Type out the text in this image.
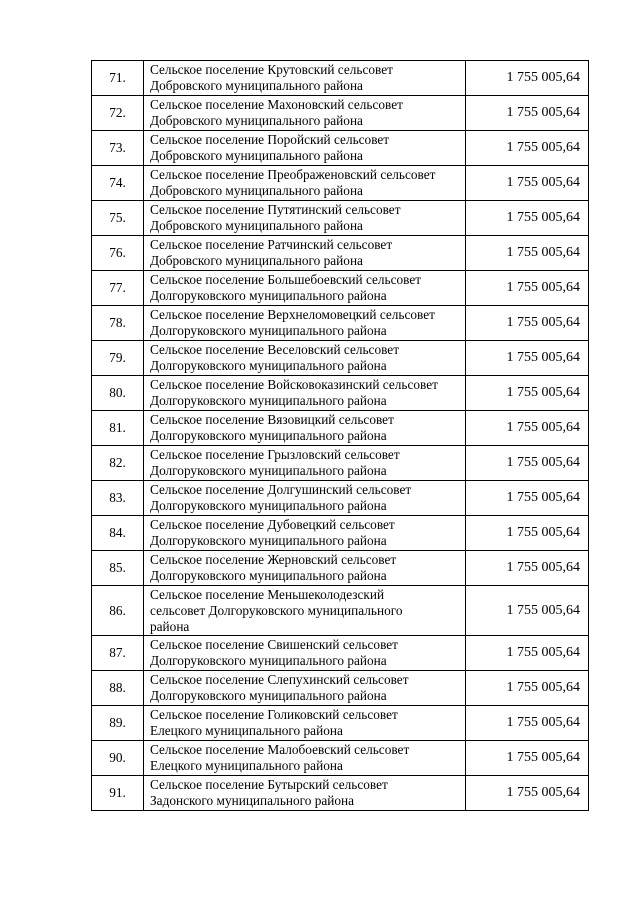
71.	Сельское поселение Крутовский сельсовет
Добровского муниципального района	1 755 005,64
72.	Сельское поселение Махоновский сельсовет
Добровского муниципального района	1 755 005,64
73.	Сельское поселение Поройский сельсовет
Добровского муниципального района	1 755 005,64
74.	Сельское поселение Преображеновский сельсовет
Добровского муниципального района	1 755 005,64
75.	Сельское поселение Путятинский сельсовет
Добровского муниципального района	1 755 005,64
76.	Сельское поселение Ратчинский сельсовет
Добровского муниципального района	1 755 005,64
77.	Сельское поселение Большебоевский сельсовет
Долгоруковского муниципального района	1 755 005,64
78.	Сельское поселение Верхнеломовецкий сельсовет
Долгоруковского муниципального района	1 755 005,64
79.	Сельское поселение Веселовский сельсовет
Долгоруковского муниципального района	1 755 005,64
80.	Сельское поселение Войсковоказинский сельсовет
Долгоруковского муниципального района	1 755 005,64
81.	Сельское поселение Вязовицкий сельсовет
Долгоруковского муниципального района	1 755 005,64
82.	Сельское поселение Грызловский сельсовет
Долгоруковского муниципального района	1 755 005,64
83.	Сельское поселение Долгушинский сельсовет
Долгоруковского муниципального района	1 755 005,64
84.	Сельское поселение Дубовецкий сельсовет
Долгоруковского муниципального района	1 755 005,64
85.	Сельское поселение Жерновский сельсовет
Долгоруковского муниципального района	1 755 005,64
86.	Сельское поселение Меньшеколодезский
сельсовет Долгоруковского муниципального
района	1 755 005,64
87.	Сельское поселение Свишенский сельсовет
Долгоруковского муниципального района	1 755 005,64
88.	Сельское поселение Слепухинский сельсовет
Долгоруковского муниципального района	1 755 005,64
89.	Сельское поселение Голиковский сельсовет
Елецкого муниципального района	1 755 005,64
90.	Сельское поселение Малобоевский сельсовет
Елецкого муниципального района	1 755 005,64
91.	Сельское поселение Бутырский сельсовет
Задонского муниципального района	1 755 005,64
